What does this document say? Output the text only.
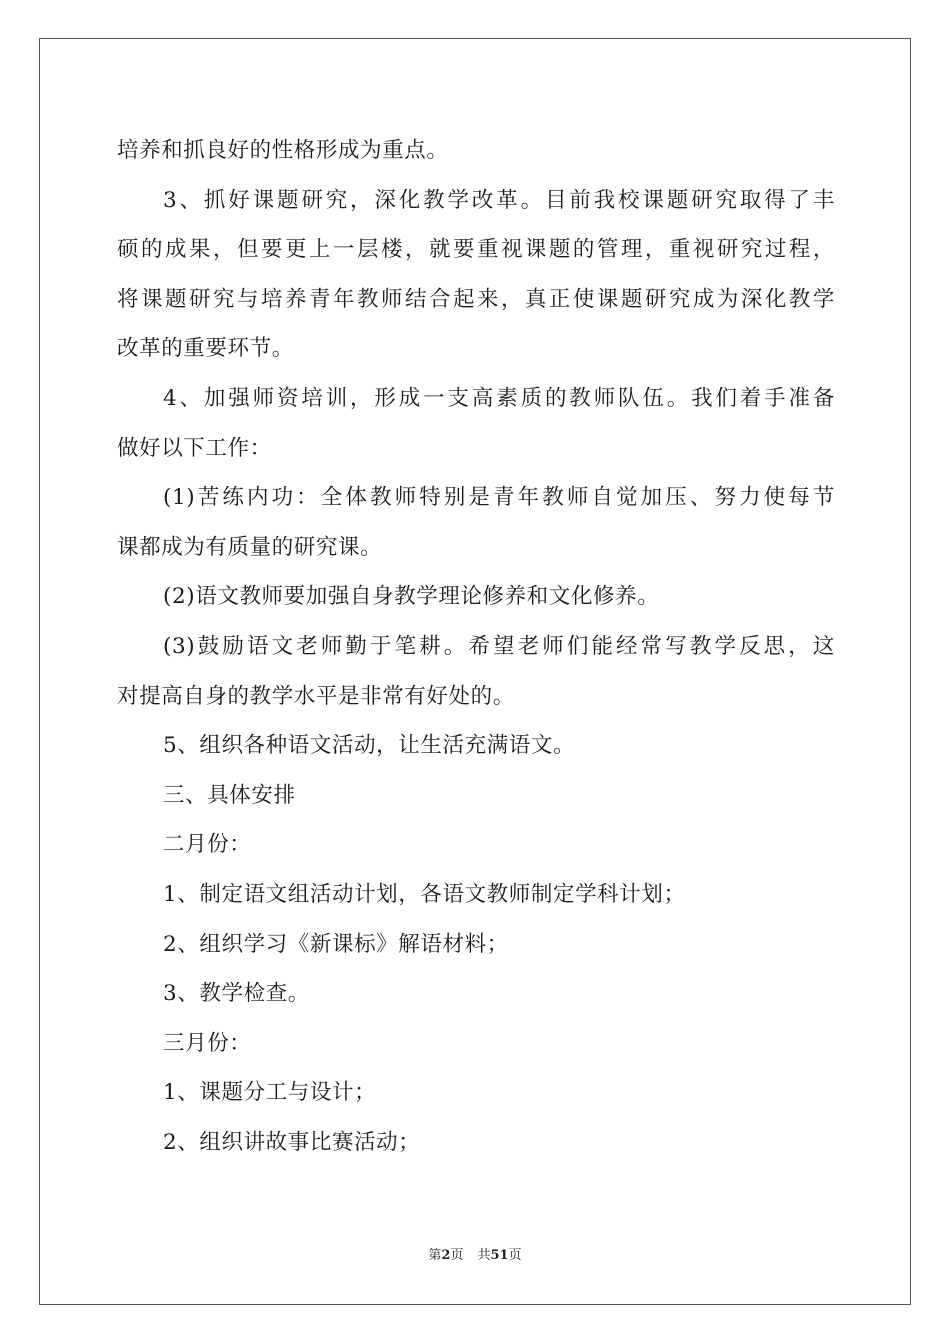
培养和抓良好的性格形成为重点。
3、抓好课题研究，深化教学改革。目前我校课题研究取得了丰
硕的成果，但要更上一层楼，就要重视课题的管理，重视研究过程，
将课题研究与培养青年教师结合起来，真正使课题研究成为深化教学
改革的重要环节。
4、加强师资培训，形成一支高素质的教师队伍。我们着手准备
做好以下工作：
(1)苦练内功：全体教师特别是青年教师自觉加压、努力使每节
课都成为有质量的研究课。
(2)语文教师要加强自身教学理论修养和文化修养。
(3)鼓励语文老师勤于笔耕。希望老师们能经常写教学反思，这
对提高自身的教学水平是非常有好处的。
5、组织各种语文活动，让生活充满语文。
三、具体安排
二月份：
1、制定语文组活动计划，各语文教师制定学科计划；
2、组织学习《新课标》解语材料；
3、教学检查。
三月份：
1、课题分工与设计；
2、组织讲故事比赛活动；
第2页 共51页
